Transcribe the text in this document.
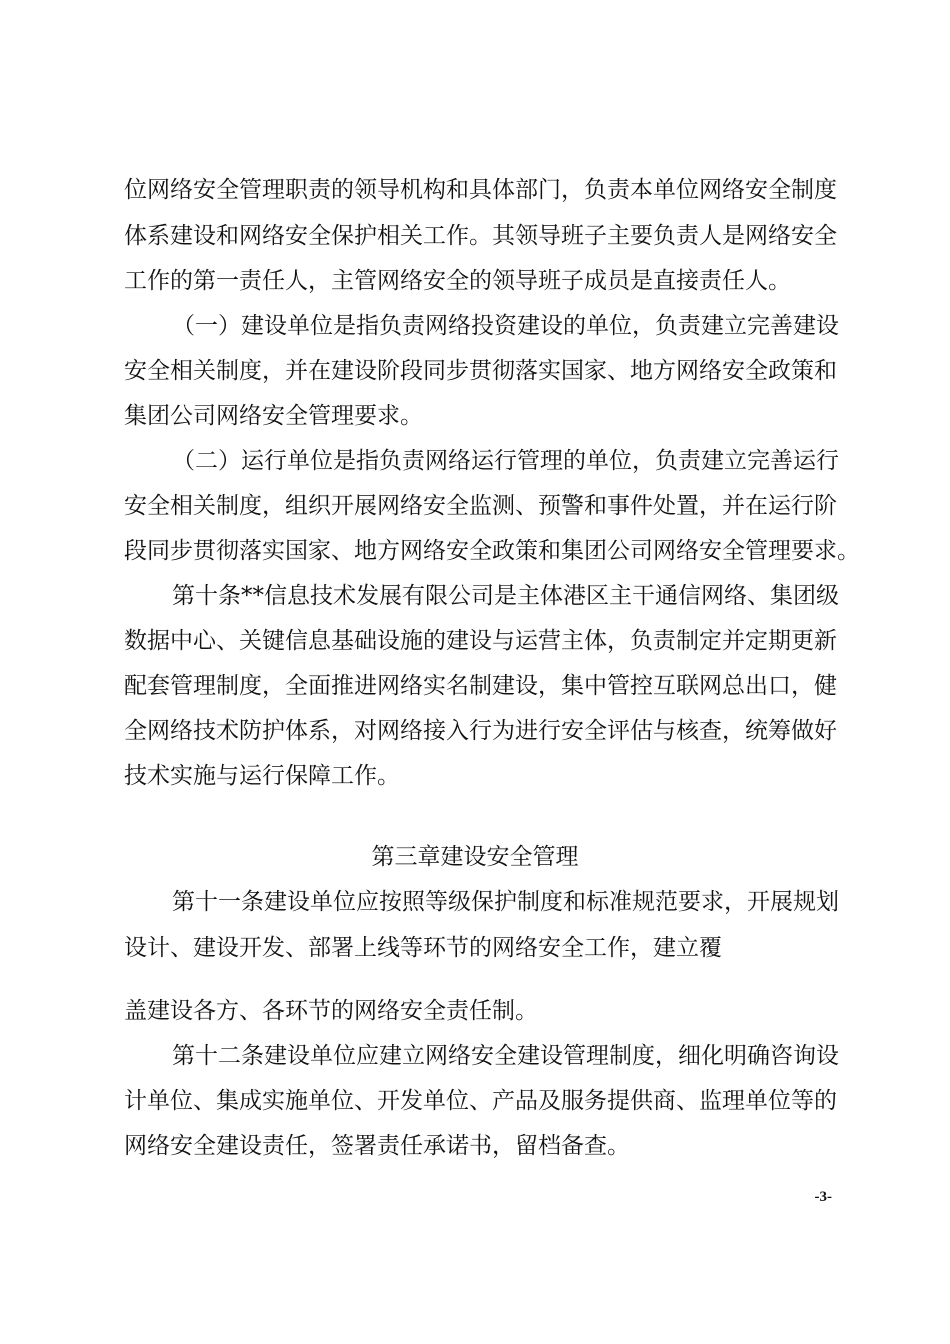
位网络安全管理职责的领导机构和具体部门，负责本单位网络安全制度
体系建设和网络安全保护相关工作。其领导班子主要负责人是网络安全
工作的第一责任人，主管网络安全的领导班子成员是直接责任人。
（一）建设单位是指负责网络投资建设的单位，负责建立完善建设
安全相关制度，并在建设阶段同步贯彻落实国家、地方网络安全政策和
集团公司网络安全管理要求。
（二）运行单位是指负责网络运行管理的单位，负责建立完善运行
安全相关制度，组织开展网络安全监测、预警和事件处置，并在运行阶
段同步贯彻落实国家、地方网络安全政策和集团公司网络安全管理要求。
第十条**信息技术发展有限公司是主体港区主干通信网络、集团级
数据中心、关键信息基础设施的建设与运营主体，负责制定并定期更新
配套管理制度，全面推进网络实名制建设，集中管控互联网总出口，健
全网络技术防护体系，对网络接入行为进行安全评估与核查，统筹做好
技术实施与运行保障工作。
第三章建设安全管理
第十一条建设单位应按照等级保护制度和标准规范要求，开展规划
设计、建设开发、部署上线等环节的网络安全工作，建立覆
盖建设各方、各环节的网络安全责任制。
第十二条建设单位应建立网络安全建设管理制度，细化明确咨询设
计单位、集成实施单位、开发单位、产品及服务提供商、监理单位等的
网络安全建设责任，签署责任承诺书，留档备查。
-3-
